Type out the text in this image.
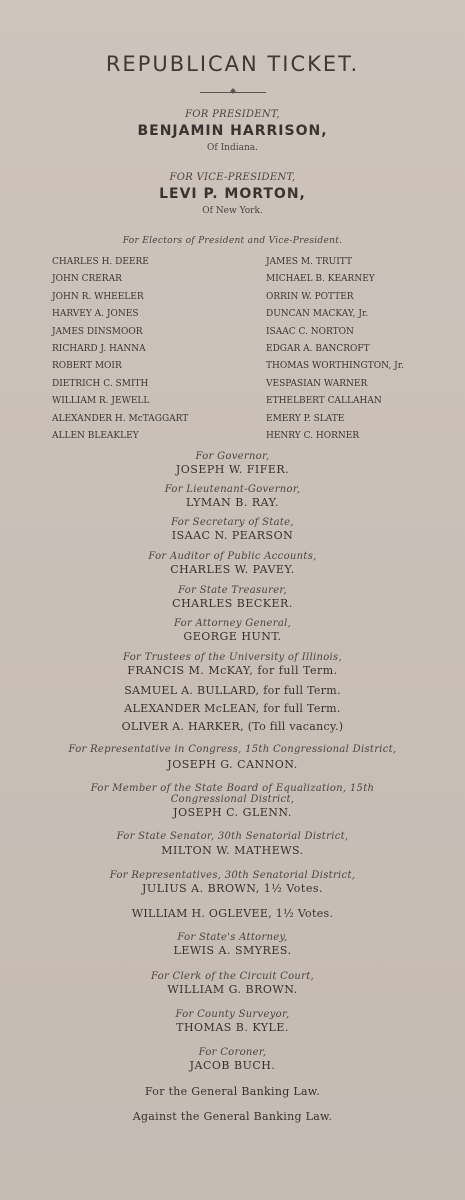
REPUBLICAN TICKET.
FOR PRESIDENT,
BENJAMIN HARRISON,
Of Indiana.
FOR VICE-PRESIDENT,
LEVI P. MORTON,
Of New York.
For Electors of President and Vice-President.
CHARLES H. DEERE
JOHN CRERAR
JOHN R. WHEELER
HARVEY A. JONES
JAMES DINSMOOR
RICHARD J. HANNA
ROBERT MOIR
DIETRICH C. SMITH
WILLIAM R. JEWELL
ALEXANDER H. McTAGGART
ALLEN BLEAKLEY
JAMES M. TRUITT
MICHAEL B. KEARNEY
ORRIN W. POTTER
DUNCAN MACKAY, Jr.
ISAAC C. NORTON
EDGAR A. BANCROFT
THOMAS WORTHINGTON, Jr.
VESPASIAN WARNER
ETHELBERT CALLAHAN
EMERY P. SLATE
HENRY C. HORNER
For Governor,
JOSEPH W. FIFER.
For Lieutenant-Governor,
LYMAN B. RAY.
For Secretary of State,
ISAAC N. PEARSON
For Auditor of Public Accounts,
CHARLES W. PAVEY.
For State Treasurer,
CHARLES BECKER.
For Attorney General,
GEORGE HUNT.
For Trustees of the University of Illinois,
FRANCIS M. McKAY, for full Term.
SAMUEL A. BULLARD, for full Term.
ALEXANDER McLEAN, for full Term.
OLIVER A. HARKER, (To fill vacancy.)
For Representative in Congress, 15th Congressional District,
JOSEPH G. CANNON.
For Member of the State Board of Equalization, 15th
Congressional District,
JOSEPH C. GLENN.
For State Senator, 30th Senatorial District,
MILTON W. MATHEWS.
For Representatives, 30th Senatorial District,
JULIUS A. BROWN, 1½ Votes.
WILLIAM H. OGLEVEE, 1½ Votes.
For State's Attorney,
LEWIS A. SMYRES.
For Clerk of the Circuit Court,
WILLIAM G. BROWN.
For County Surveyor,
THOMAS B. KYLE.
For Coroner,
JACOB BUCH.
For the General Banking Law.
Against the General Banking Law.
